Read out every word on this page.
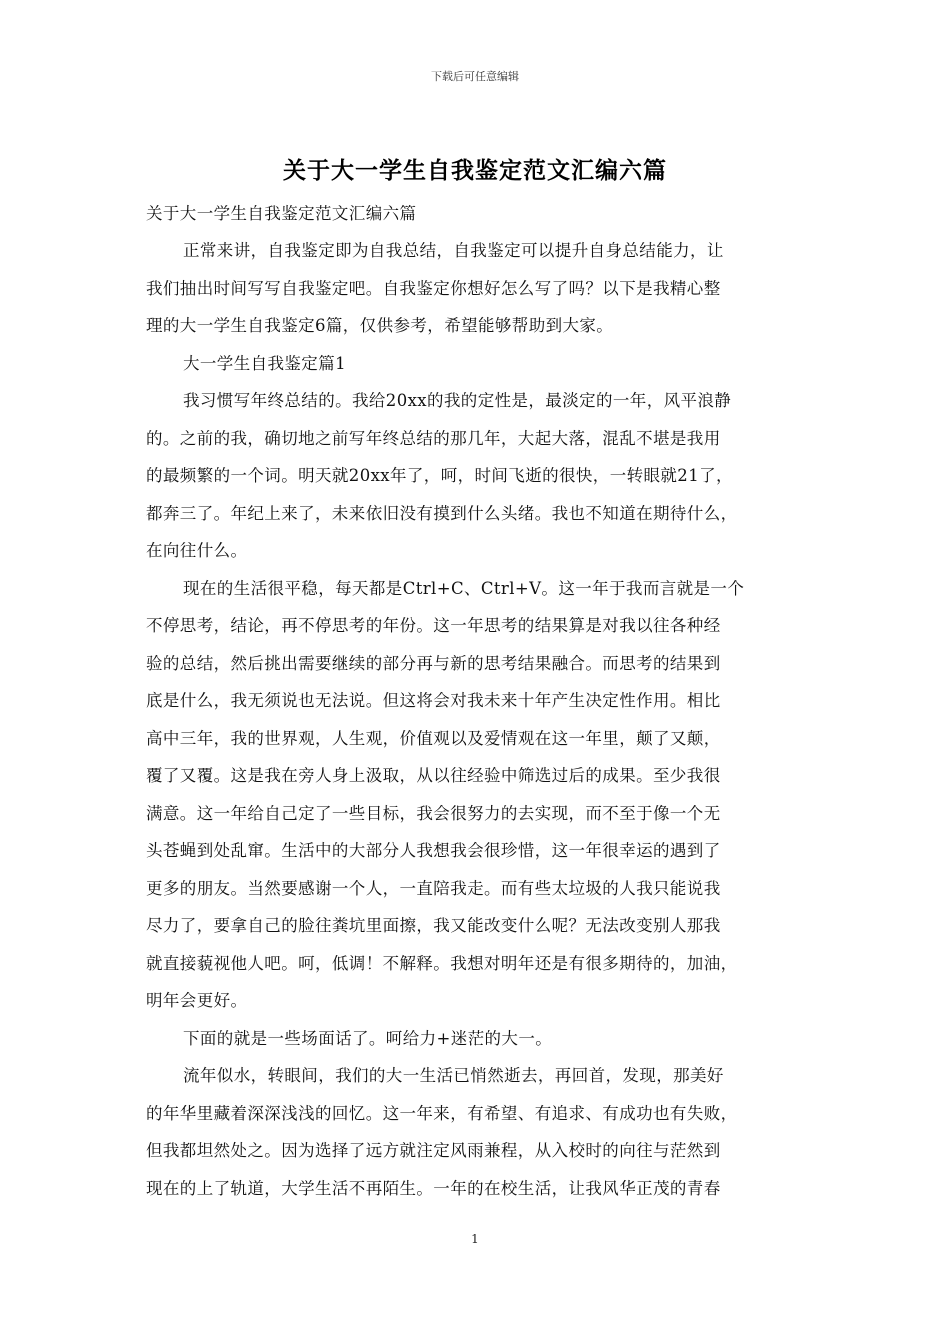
下载后可任意编辑
关于大一学生自我鉴定范文汇编六篇
关于大一学生自我鉴定范文汇编六篇
正常来讲，自我鉴定即为自我总结，自我鉴定可以提升自身总结能力，让
我们抽出时间写写自我鉴定吧。自我鉴定你想好怎么写了吗？以下是我精心整
理的大一学生自我鉴定6篇，仅供参考，希望能够帮助到大家。
大一学生自我鉴定篇1
我习惯写年终总结的。我给20xx的我的定性是，最淡定的一年，风平浪静
的。之前的我，确切地之前写年终总结的那几年，大起大落，混乱不堪是我用
的最频繁的一个词。明天就20xx年了，呵，时间飞逝的很快，一转眼就21了，
都奔三了。年纪上来了，未来依旧没有摸到什么头绪。我也不知道在期待什么，
在向往什么。
现在的生活很平稳，每天都是Ctrl+C、Ctrl+V。这一年于我而言就是一个
不停思考，结论，再不停思考的年份。这一年思考的结果算是对我以往各种经
验的总结，然后挑出需要继续的部分再与新的思考结果融合。而思考的结果到
底是什么，我无须说也无法说。但这将会对我未来十年产生决定性作用。相比
高中三年，我的世界观，人生观，价值观以及爱情观在这一年里，颠了又颠，
覆了又覆。这是我在旁人身上汲取，从以往经验中筛选过后的成果。至少我很
满意。这一年给自己定了一些目标，我会很努力的去实现，而不至于像一个无
头苍蝇到处乱窜。生活中的大部分人我想我会很珍惜，这一年很幸运的遇到了
更多的朋友。当然要感谢一个人，一直陪我走。而有些太垃圾的人我只能说我
尽力了，要拿自己的脸往粪坑里面擦，我又能改变什么呢？无法改变别人那我
就直接藐视他人吧。呵，低调！不解释。我想对明年还是有很多期待的，加油，
明年会更好。
下面的就是一些场面话了。呵给力+迷茫的大一。
流年似水，转眼间，我们的大一生活已悄然逝去，再回首，发现，那美好
的年华里藏着深深浅浅的回忆。这一年来，有希望、有追求、有成功也有失败，
但我都坦然处之。因为选择了远方就注定风雨兼程，从入校时的向往与茫然到
现在的上了轨道，大学生活不再陌生。一年的在校生活，让我风华正茂的青春
1
